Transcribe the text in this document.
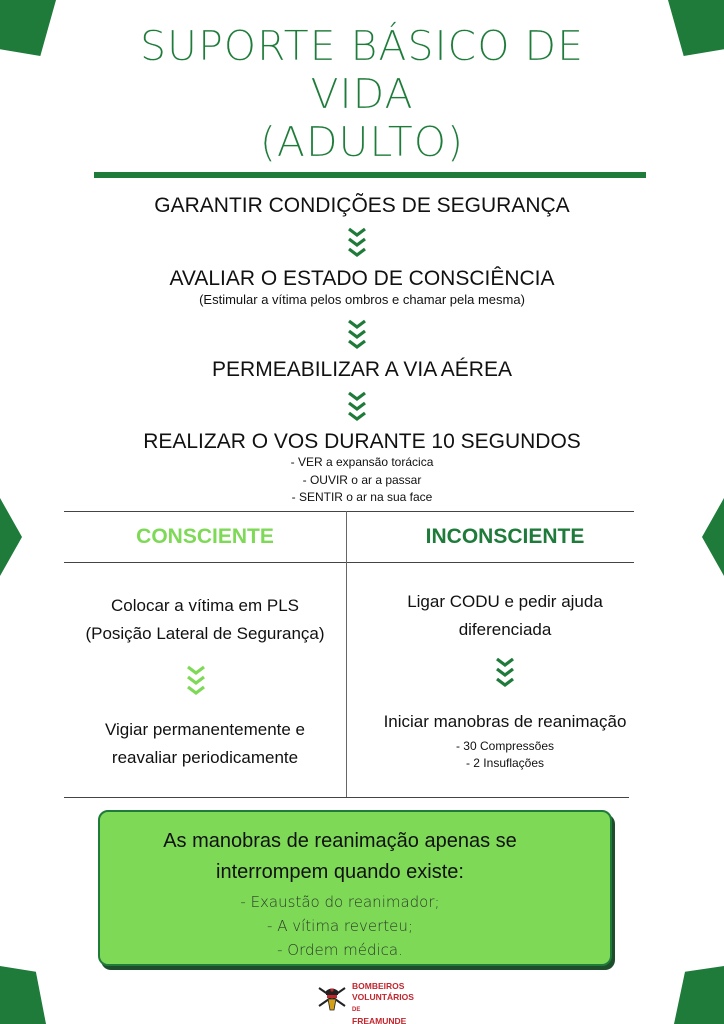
SUPORTE BÁSICO DE
VIDA
(ADULTO)
GARANTIR CONDIÇÕES DE SEGURANÇA
AVALIAR O ESTADO DE CONSCIÊNCIA
(Estimular a vítima pelos ombros e chamar pela mesma)
PERMEABILIZAR A VIA AÉREA
REALIZAR O VOS DURANTE 10 SEGUNDOS
- VER a expansão torácica
- OUVIR o ar a passar
- SENTIR o ar na sua face
CONSCIENTE	INCONSCIENTE
Colocar a vítima em PLS
(Posição Lateral de Segurança)
Vigiar permanentemente e
reavaliar periodicamente
Ligar CODU e pedir ajuda
diferenciada
Iniciar manobras de reanimação
- 30 Compressões
- 2 Insuflações
As manobras de reanimação apenas se
interrompem quando existe:
- Exaustão do reanimador;
- A vítima reverteu;
- Ordem médica.
BOMBEIROS
VOLUNTÁRIOS
DE FREAMUNDE
